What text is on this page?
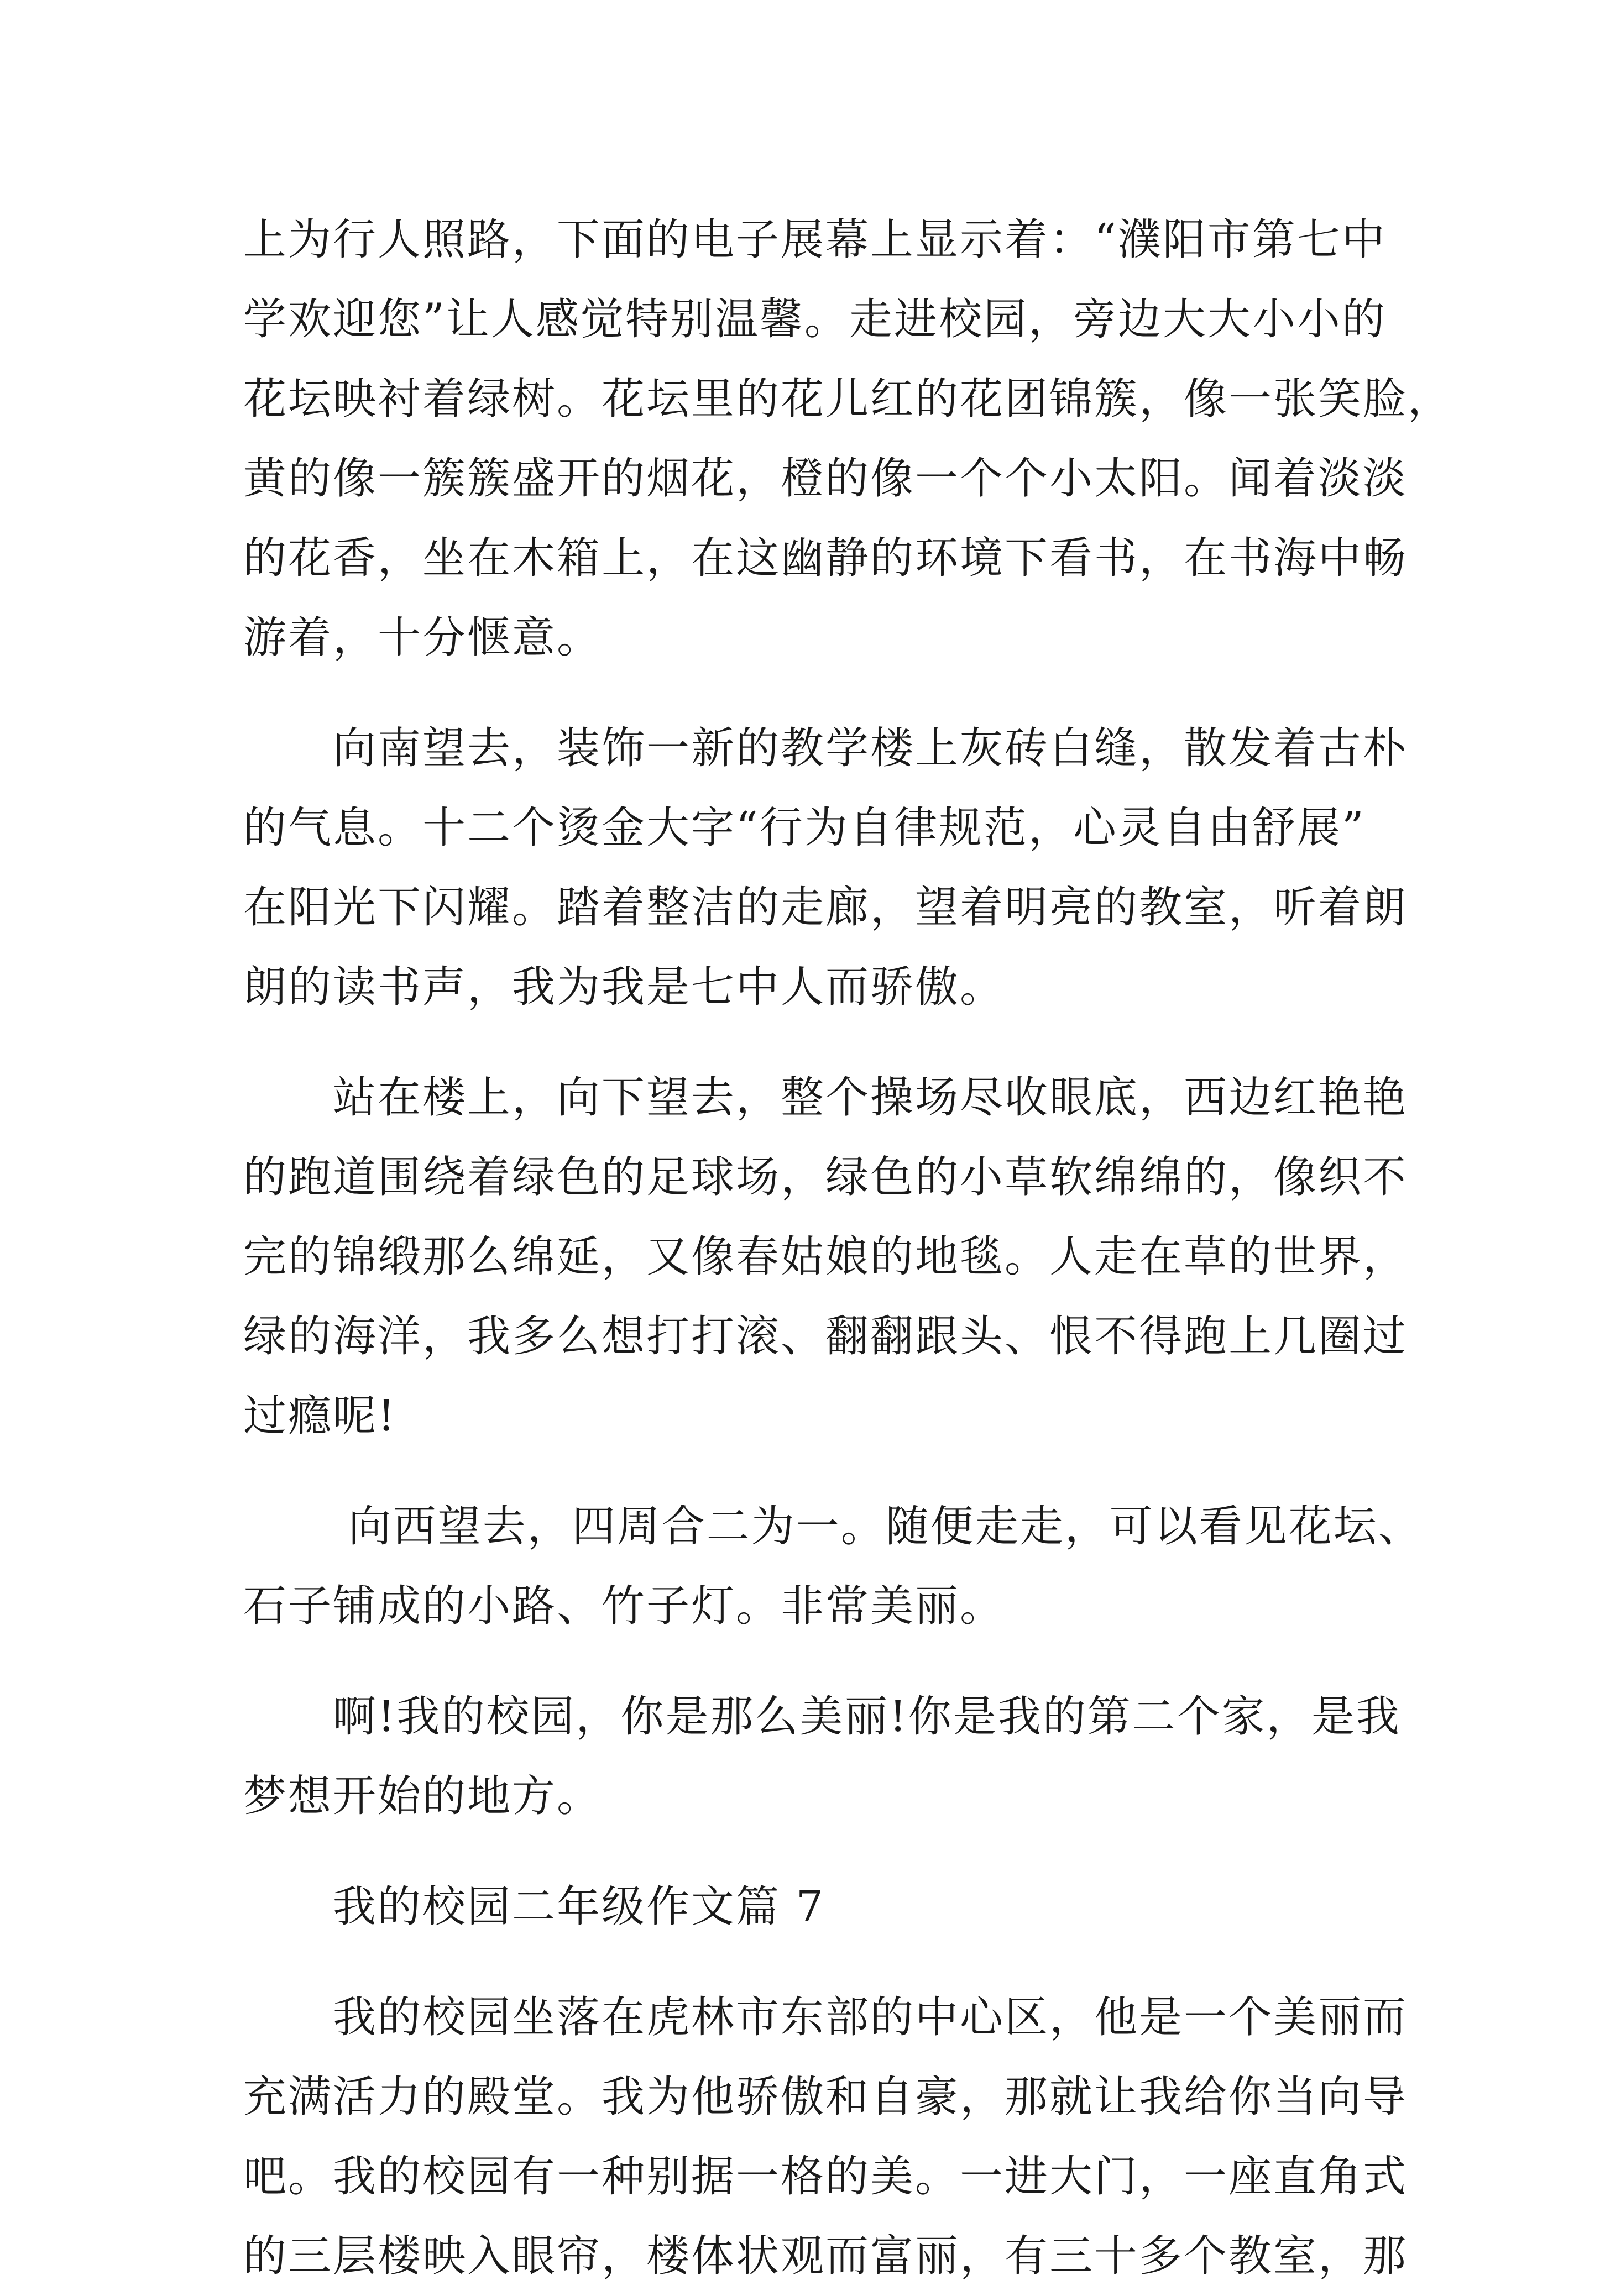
上为行人照路，下面的电子展幕上显示着：“濮阳市第七中
学欢迎您”让人感觉特别温馨。走进校园，旁边大大小小的
花坛映衬着绿树。花坛里的花儿红的花团锦簇，像一张笑脸，
黄的像一簇簇盛开的烟花，橙的像一个个小太阳。闻着淡淡
的花香，坐在木箱上，在这幽静的环境下看书，在书海中畅
游着，十分惬意。
　　向南望去，装饰一新的教学楼上灰砖白缝，散发着古朴
的气息。十二个烫金大字“行为自律规范，心灵自由舒展”
在阳光下闪耀。踏着整洁的走廊，望着明亮的教室，听着朗
朗的读书声，我为我是七中人而骄傲。
　　站在楼上，向下望去，整个操场尽收眼底，西边红艳艳
的跑道围绕着绿色的足球场，绿色的小草软绵绵的，像织不
完的锦缎那么绵延，又像春姑娘的地毯。人走在草的世界，
绿的海洋，我多么想打打滚、翻翻跟头、恨不得跑上几圈过
过瘾呢!
　　 向西望去，四周合二为一。随便走走，可以看见花坛、
石子铺成的小路、竹子灯。非常美丽。
　　啊!我的校园，你是那么美丽!你是我的第二个家，是我
梦想开始的地方。
　　我的校园二年级作文篇 7
　　我的校园坐落在虎林市东部的中心区，他是一个美丽而
充满活力的殿堂。我为他骄傲和自豪，那就让我给你当向导
吧。我的校园有一种别据一格的美。一进大门，一座直角式
的三层楼映入眼帘，楼体状观而富丽，有三十多个教室，那
